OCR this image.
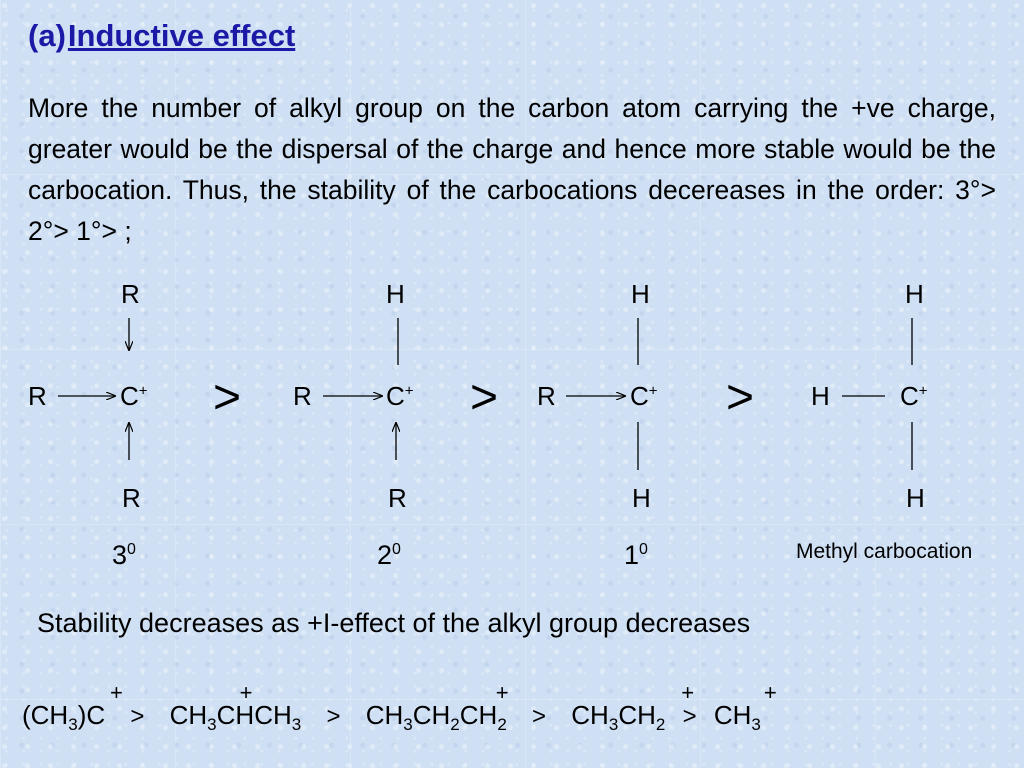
(a)Inductive effect
More the number of alkyl group on the carbon atom carrying the +ve charge, greater would be the dispersal of the charge and hence more stable would be the carbocation. Thus, the stability of the carbocations decereases in the order: 3°> 2°> 1°> ;
R
R	C+
R
>
H
R	C+
R
>
H
R	C+
H
>
H
H	C+
H
$3^0$	$2^0$	$1^0$	Methyl carbocation
Stability decreases as +I-effect of the alkyl group decreases
$(CH_3)C$
+
> $CH_3CHCH_3$
+
> $CH_3CH_2CH_2$
+
> $CH_3CH_2$
+
> $CH_3$
+
